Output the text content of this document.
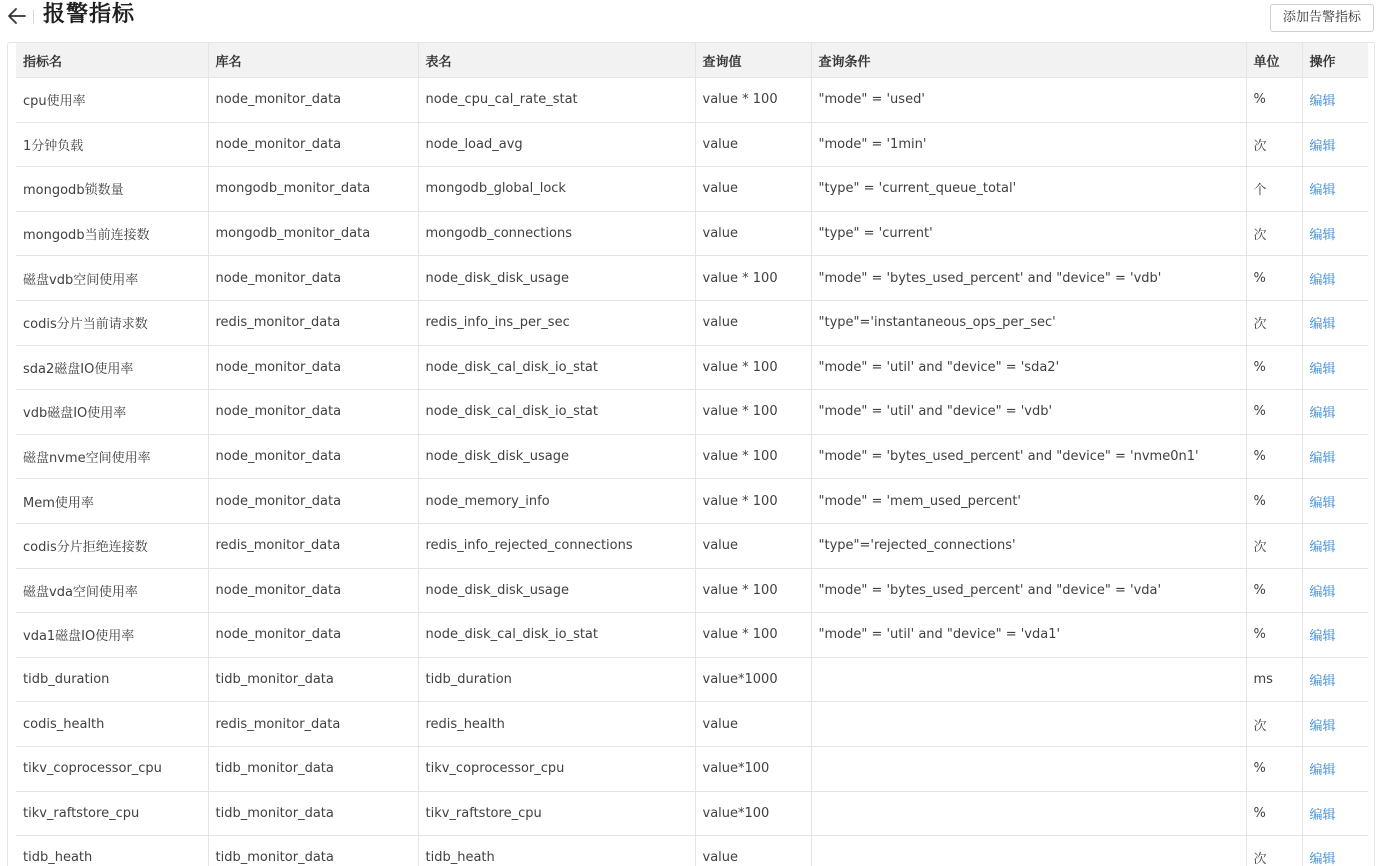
报警指标	添加告警指标
指标名	库名	表名	查询值	查询条件	单位	操作
cpu使用率	node_monitor_data	node_cpu_cal_rate_stat	value * 100	"mode" = 'used'	%	编辑
1分钟负载	node_monitor_data	node_load_avg	value	"mode" = '1min'	次	编辑
mongodb锁数量	mongodb_monitor_data	mongodb_global_lock	value	"type" = 'current_queue_total'	个	编辑
mongodb当前连接数	mongodb_monitor_data	mongodb_connections	value	"type" = 'current'	次	编辑
磁盘vdb空间使用率	node_monitor_data	node_disk_disk_usage	value * 100	"mode" = 'bytes_used_percent' and "device" = 'vdb'	%	编辑
codis分片当前请求数	redis_monitor_data	redis_info_ins_per_sec	value	"type"='instantaneous_ops_per_sec'	次	编辑
sda2磁盘IO使用率	node_monitor_data	node_disk_cal_disk_io_stat	value * 100	"mode" = 'util' and "device" = 'sda2'	%	编辑
vdb磁盘IO使用率	node_monitor_data	node_disk_cal_disk_io_stat	value * 100	"mode" = 'util' and "device" = 'vdb'	%	编辑
磁盘nvme空间使用率	node_monitor_data	node_disk_disk_usage	value * 100	"mode" = 'bytes_used_percent' and "device" = 'nvme0n1'	%	编辑
Mem使用率	node_monitor_data	node_memory_info	value * 100	"mode" = 'mem_used_percent'	%	编辑
codis分片拒绝连接数	redis_monitor_data	redis_info_rejected_connections	value	"type"='rejected_connections'	次	编辑
磁盘vda空间使用率	node_monitor_data	node_disk_disk_usage	value * 100	"mode" = 'bytes_used_percent' and "device" = 'vda'	%	编辑
vda1磁盘IO使用率	node_monitor_data	node_disk_cal_disk_io_stat	value * 100	"mode" = 'util' and "device" = 'vda1'	%	编辑
tidb_duration	tidb_monitor_data	tidb_duration	value*1000		ms	编辑
codis_health	redis_monitor_data	redis_health	value		次	编辑
tikv_coprocessor_cpu	tidb_monitor_data	tikv_coprocessor_cpu	value*100		%	编辑
tikv_raftstore_cpu	tidb_monitor_data	tikv_raftstore_cpu	value*100		%	编辑
tidb_heath	tidb_monitor_data	tidb_heath	value		次	编辑
